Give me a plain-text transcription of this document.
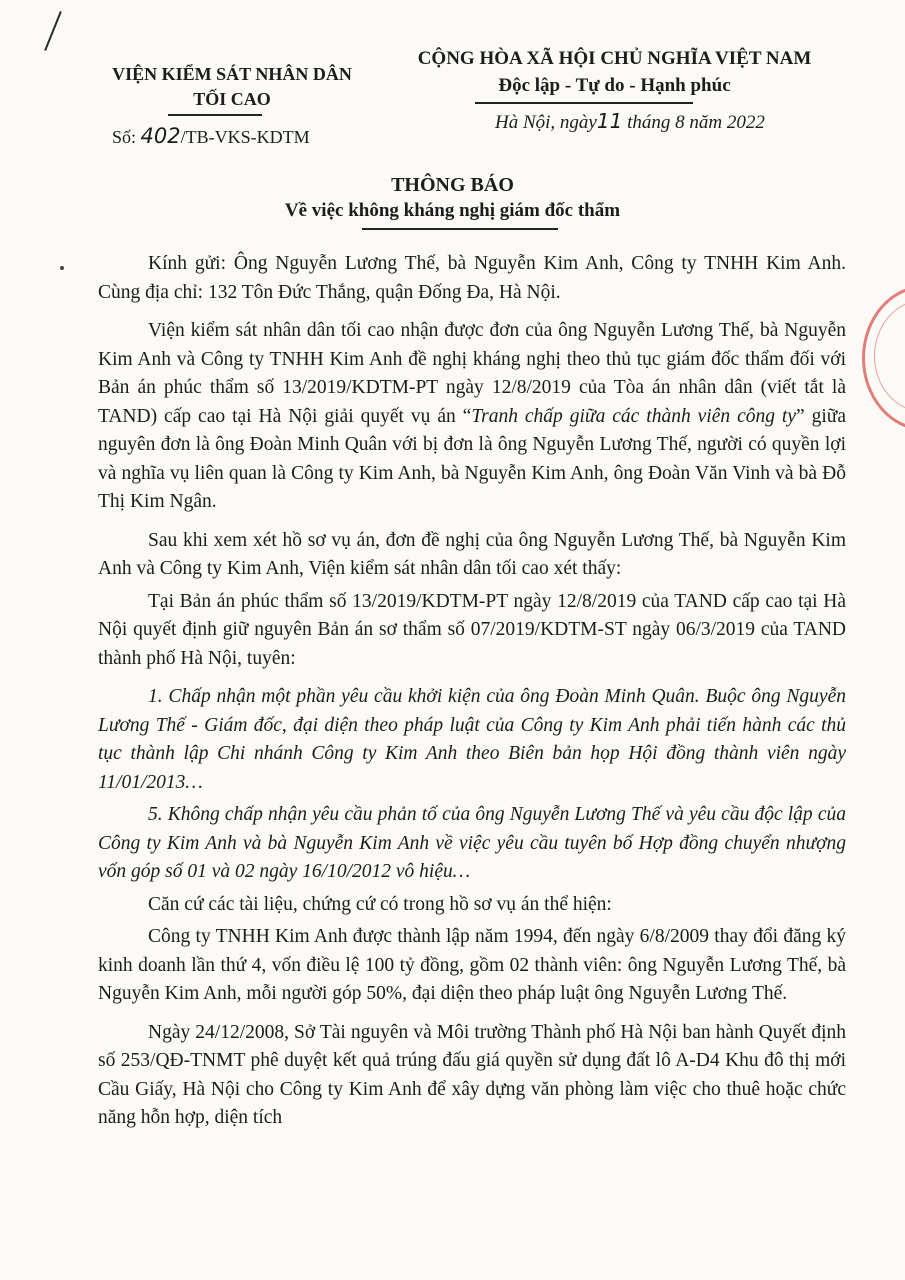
VIỆN KIỂM SÁT NHÂN DÂN
TỐI CAO
Số: 402/TB-VKS-KDTM
CỘNG HÒA XÃ HỘI CHỦ NGHĨA VIỆT NAM
Độc lập - Tự do - Hạnh phúc
Hà Nội, ngày11 tháng 8 năm 2022
THÔNG BÁO
Về việc không kháng nghị giám đốc thẩm

Kính gửi: Ông Nguyễn Lương Thế, bà Nguyễn Kim Anh, Công ty TNHH Kim Anh. Cùng địa chỉ: 132 Tôn Đức Thắng, quận Đống Đa, Hà Nội.

Viện kiểm sát nhân dân tối cao nhận được đơn của ông Nguyễn Lương Thế, bà Nguyễn Kim Anh và Công ty TNHH Kim Anh đề nghị kháng nghị theo thủ tục giám đốc thẩm đối với Bản án phúc thẩm số 13/2019/KDTM-PT ngày 12/8/2019 của Tòa án nhân dân (viết tắt là TAND) cấp cao tại Hà Nội giải quyết vụ án “Tranh chấp giữa các thành viên công ty” giữa nguyên đơn là ông Đoàn Minh Quân với bị đơn là ông Nguyễn Lương Thế, người có quyền lợi và nghĩa vụ liên quan là Công ty Kim Anh, bà Nguyễn Kim Anh, ông Đoàn Văn Vinh và bà Đỗ Thị Kim Ngân.

Sau khi xem xét hồ sơ vụ án, đơn đề nghị của ông Nguyễn Lương Thế, bà Nguyễn Kim Anh và Công ty Kim Anh, Viện kiểm sát nhân dân tối cao xét thấy:

Tại Bản án phúc thẩm số 13/2019/KDTM-PT ngày 12/8/2019 của TAND cấp cao tại Hà Nội quyết định giữ nguyên Bản án sơ thẩm số 07/2019/KDTM-ST ngày 06/3/2019 của TAND thành phố Hà Nội, tuyên:

1. Chấp nhận một phần yêu cầu khởi kiện của ông Đoàn Minh Quân. Buộc ông Nguyễn Lương Thế - Giám đốc, đại diện theo pháp luật của Công ty Kim Anh phải tiến hành các thủ tục thành lập Chi nhánh Công ty Kim Anh theo Biên bản họp Hội đồng thành viên ngày 11/01/2013…

5. Không chấp nhận yêu cầu phản tố của ông Nguyễn Lương Thế và yêu cầu độc lập của Công ty Kim Anh và bà Nguyễn Kim Anh về việc yêu cầu tuyên bố Hợp đồng chuyển nhượng vốn góp số 01 và 02 ngày 16/10/2012 vô hiệu…

Căn cứ các tài liệu, chứng cứ có trong hồ sơ vụ án thể hiện:

Công ty TNHH Kim Anh được thành lập năm 1994, đến ngày 6/8/2009 thay đổi đăng ký kinh doanh lần thứ 4, vốn điều lệ 100 tỷ đồng, gồm 02 thành viên: ông Nguyễn Lương Thế, bà Nguyễn Kim Anh, mỗi người góp 50%, đại diện theo pháp luật ông Nguyễn Lương Thế.

Ngày 24/12/2008, Sở Tài nguyên và Môi trường Thành phố Hà Nội ban hành Quyết định số 253/QĐ-TNMT phê duyệt kết quả trúng đấu giá quyền sử dụng đất lô A-D4 Khu đô thị mới Cầu Giấy, Hà Nội cho Công ty Kim Anh để xây dựng văn phòng làm việc cho thuê hoặc chức năng hỗn hợp, diện tích
